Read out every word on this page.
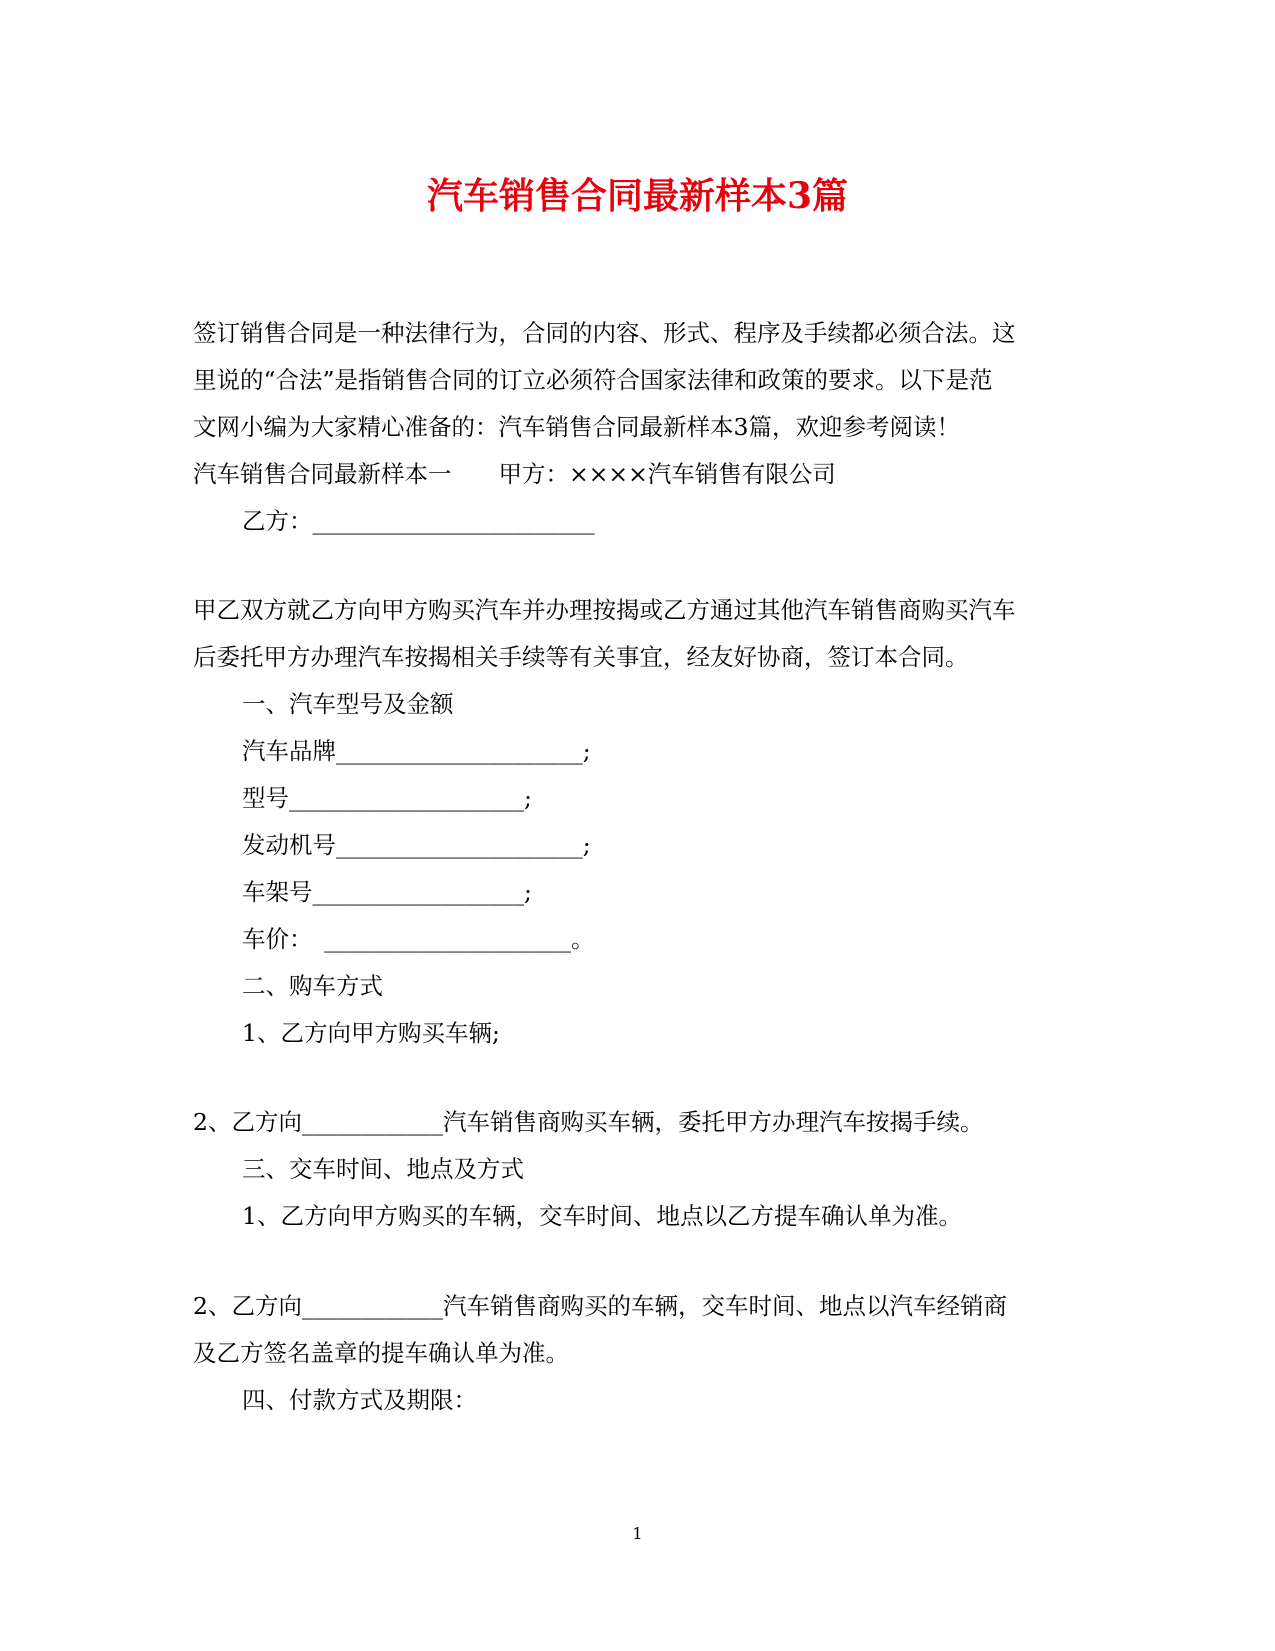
汽车销售合同最新样本3篇
签订销售合同是一种法律行为，合同的内容、形式、程序及手续都必须合法。这
里说的“合法”是指销售合同的订立必须符合国家法律和政策的要求。以下是范
文网小编为大家精心准备的：汽车销售合同最新样本3篇，欢迎参考阅读！
汽车销售合同最新样本一　　甲方：××××汽车销售有限公司
乙方：________________________
甲乙双方就乙方向甲方购买汽车并办理按揭或乙方通过其他汽车销售商购买汽车
后委托甲方办理汽车按揭相关手续等有关事宜，经友好协商，签订本合同。
一、汽车型号及金额
汽车品牌_____________________;
型号____________________;
发动机号_____________________;
车架号__________________;
车价：　_____________________。
二、购车方式
1、乙方向甲方购买车辆;
2、乙方向____________汽车销售商购买车辆，委托甲方办理汽车按揭手续。
三、交车时间、地点及方式
1、乙方向甲方购买的车辆，交车时间、地点以乙方提车确认单为准。
2、乙方向____________汽车销售商购买的车辆，交车时间、地点以汽车经销商
及乙方签名盖章的提车确认单为准。
四、付款方式及期限：
1
